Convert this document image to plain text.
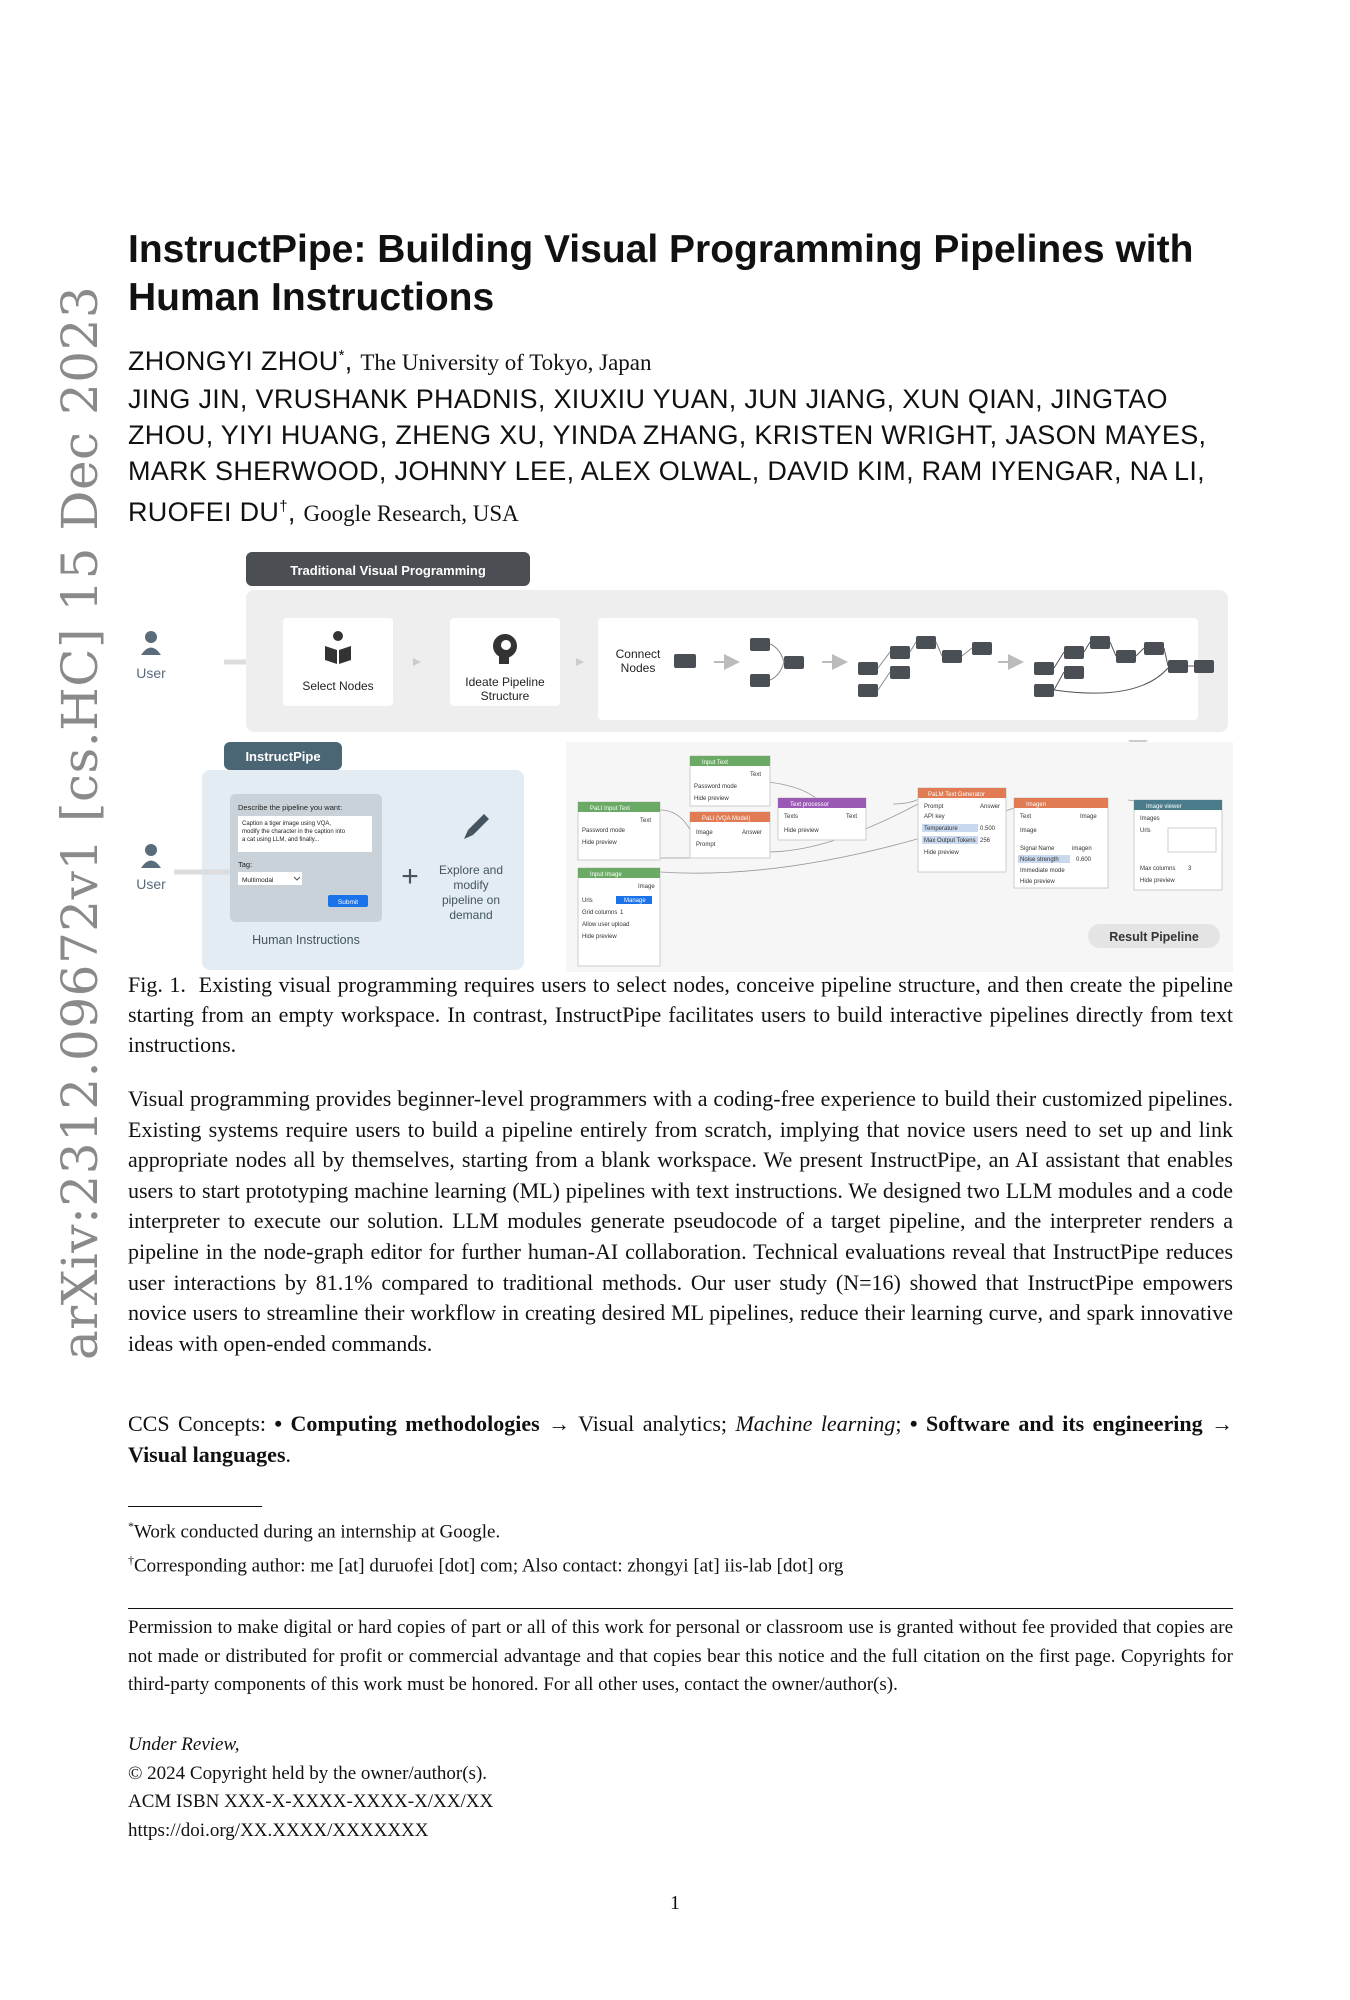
arXiv:2312.09672v1 [cs.HC] 15 Dec 2023
InstructPipe: Building Visual Programming Pipelines with Human Instructions
ZHONGYI ZHOU*, The University of Tokyo, Japan
JING JIN, VRUSHANK PHADNIS, XIUXIU YUAN, JUN JIANG, XUN QIAN, JINGTAO ZHOU, YIYI HUANG, ZHENG XU, YINDA ZHANG, KRISTEN WRIGHT, JASON MAYES, MARK SHERWOOD, JOHNNY LEE, ALEX OLWAL, DAVID KIM, RAM IYENGAR, NA LI, RUOFEI DU†, Google Research, USA
Traditional Visual Programming
User
Select Nodes	Ideate Pipeline
Structure
Connect
Nodes
InstructPipe
User
Describe the pipeline you want:
Caption a tiger image using VQA,
modify the character in the caption into
a cat using LLM, and finally...
Tag:
Multimodal
Submit
Human Instructions
+ Explore and
modify
pipeline on
demand
PaLI Input Text
Text
Password mode
Hide preview
Input Text
Text
Password mode
Hide preview
PaLI (VQA Model)
Image
Prompt
Answer
Input Image
Image
Urls	Manage
Grid columns 1
Allow user upload
Hide preview
Text processor
Texts	Text
Hide preview
PaLM Text Generator
Prompt
API key
Answer
Temperature	0.500
Max Output Tokens 256
Hide preview
Imagen
Text
Image
Image
Signal Name	imagen
Noise strength	0.600
Immediate mode
Hide preview
Image viewer
Images
Urls
Max columns 3
Hide preview
Result Pipeline
Fig. 1. Existing visual programming requires users to select nodes, conceive pipeline structure, and then create the pipeline starting from an empty workspace. In contrast, InstructPipe facilitates users to build interactive pipelines directly from text instructions.
Visual programming provides beginner-level programmers with a coding-free experience to build their customized pipelines. Existing systems require users to build a pipeline entirely from scratch, implying that novice users need to set up and link appropriate nodes all by themselves, starting from a blank workspace. We present InstructPipe, an AI assistant that enables users to start prototyping machine learning (ML) pipelines with text instructions. We designed two LLM modules and a code interpreter to execute our solution. LLM modules generate pseudocode of a target pipeline, and the interpreter renders a pipeline in the node-graph editor for further human-AI collaboration. Technical evaluations reveal that InstructPipe reduces user interactions by 81.1% compared to traditional methods. Our user study (N=16) showed that InstructPipe empowers novice users to streamline their workflow in creating desired ML pipelines, reduce their learning curve, and spark innovative ideas with open-ended commands.
CCS Concepts: • Computing methodologies → Visual analytics; Machine learning; • Software and its engineering → Visual languages.
*Work conducted during an internship at Google.
†Corresponding author: me [at] duruofei [dot] com; Also contact: zhongyi [at] iis-lab [dot] org
Permission to make digital or hard copies of part or all of this work for personal or classroom use is granted without fee provided that copies are not made or distributed for profit or commercial advantage and that copies bear this notice and the full citation on the first page. Copyrights for third-party components of this work must be honored. For all other uses, contact the owner/author(s).
Under Review,
© 2024 Copyright held by the owner/author(s).
ACM ISBN XXX-X-XXXX-XXXX-X/XX/XX
https://doi.org/XX.XXXX/XXXXXXX
1
